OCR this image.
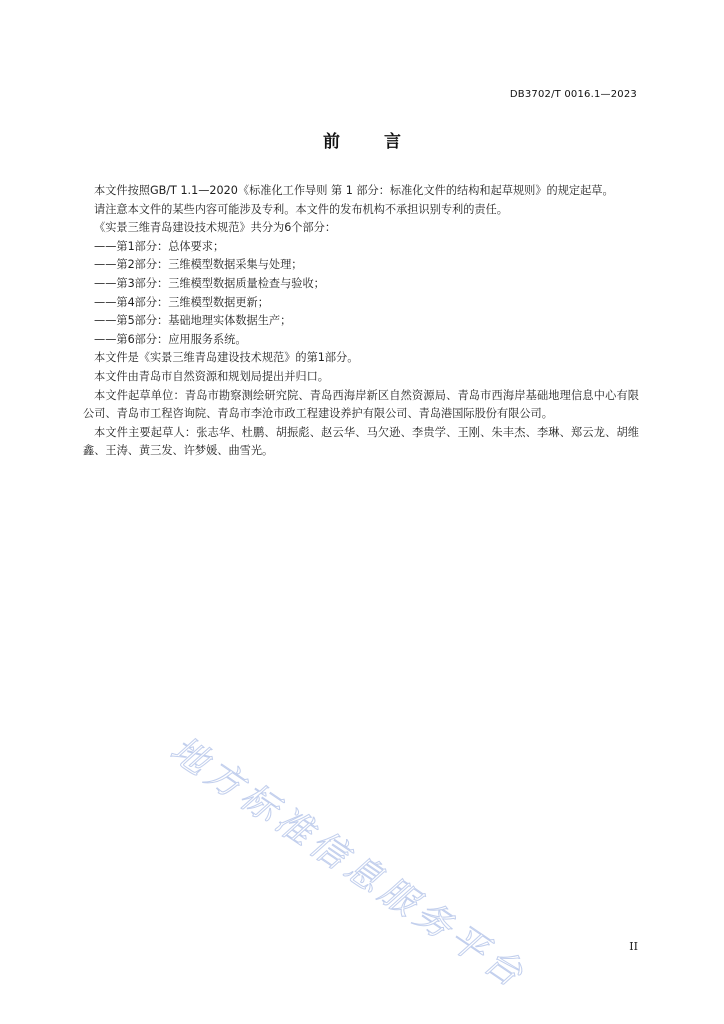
DB3702/T 0016.1—2023
前言

本文件按照GB/T 1.1—2020《标准化工作导则 第 1 部分：标准化文件的结构和起草规则》的规定起草。

请注意本文件的某些内容可能涉及专利。本文件的发布机构不承担识别专利的责任。

《实景三维青岛建设技术规范》共分为6个部分：

——第1部分：总体要求；

——第2部分：三维模型数据采集与处理；

——第3部分：三维模型数据质量检查与验收；

——第4部分：三维模型数据更新；

——第5部分：基础地理实体数据生产；

——第6部分：应用服务系统。

本文件是《实景三维青岛建设技术规范》的第1部分。

本文件由青岛市自然资源和规划局提出并归口。

本文件起草单位：青岛市勘察测绘研究院、青岛西海岸新区自然资源局、青岛市西海岸基础地理信息中心有限公司、青岛市工程咨询院、青岛市李沧市政工程建设养护有限公司、青岛港国际股份有限公司。

本文件主要起草人：张志华、杜鹏、胡振彪、赵云华、马欠逊、李贵学、王刚、朱丰杰、李琳、郑云龙、胡维鑫、王涛、黄三发、许梦媛、曲雪光。

地方标准信息服务平台	II
